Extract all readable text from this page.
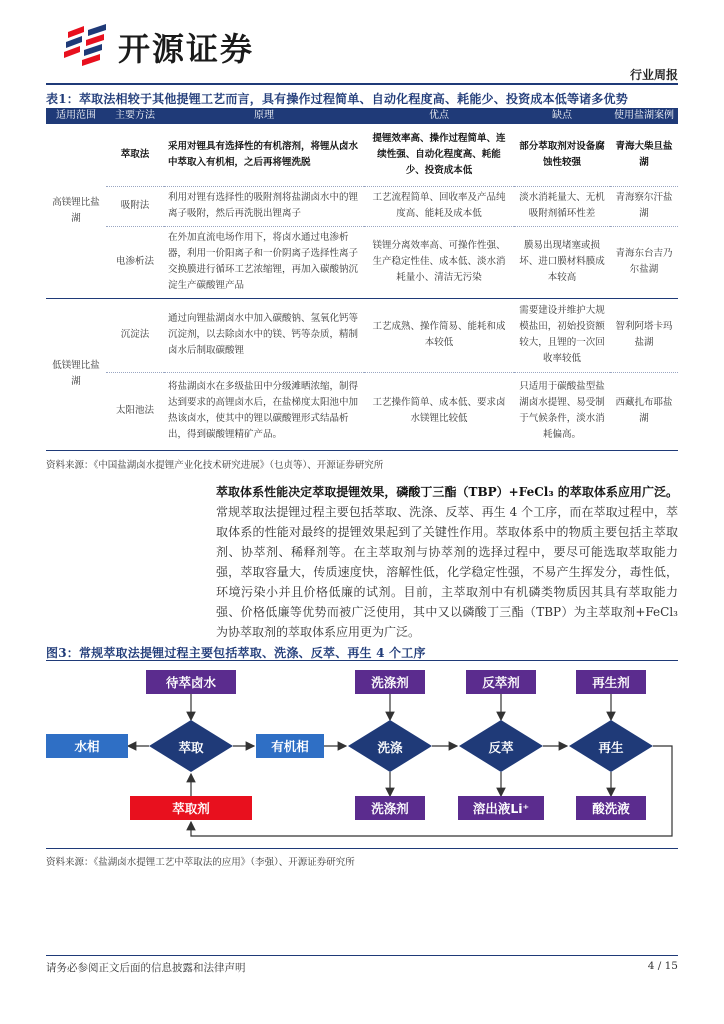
开源证券
行业周报
表1：萃取法相较于其他提锂工艺而言，具有操作过程简单、自动化程度高、耗能少、投资成本低等诸多优势
适用范围	主要方法	原理	优点	缺点	使用盐湖案例
高镁锂比盐湖	萃取法	采用对锂具有选择性的有机溶剂，将锂从卤水中萃取入有机相，之后再将锂洗脱	提锂效率高、操作过程简单、连续性强、自动化程度高、耗能少、投资成本低	部分萃取剂对设备腐蚀性较强	青海大柴旦盐湖
	吸附法	利用对锂有选择性的吸附剂将盐湖卤水中的锂离子吸附，然后再洗脱出锂离子	工艺流程简单、回收率及产品纯度高、能耗及成本低	淡水消耗量大、无机吸附剂循环性差	青海察尔汗盐湖
	电渗析法	在外加直流电场作用下，将卤水通过电渗析器，利用一价阳离子和一价阴离子选择性离子交换膜进行循环工艺浓缩锂，再加入碳酸钠沉淀生产碳酸锂产品	镁锂分离效率高、可操作性强、生产稳定性佳、成本低、淡水消耗量小、清洁无污染	膜易出现堵塞或损坏、进口膜材料膜成本较高	青海东台吉乃尔盐湖
低镁锂比盐湖	沉淀法	通过向锂盐湖卤水中加入碳酸钠、氢氧化钙等沉淀剂，以去除卤水中的镁、钙等杂质，精制卤水后制取碳酸锂	工艺成熟、操作简易、能耗和成本较低	需要建设并维护大规模盐田，初始投资额较大，且锂的一次回收率较低	智利阿塔卡玛盐湖
	太阳池法	将盐湖卤水在多级盐田中分级滩晒浓缩，制得达到要求的高锂卤水后，在盐梯度太阳池中加热该卤水，使其中的锂以碳酸锂形式结晶析出，得到碳酸锂精矿产品。	工艺操作简单、成本低、要求卤水镁锂比较低	只适用于碳酸盐型盐湖卤水提锂、易受制于气候条件，淡水消耗偏高。	西藏扎布耶盐湖
资料来源：《中国盐湖卤水提锂产业化技术研究进展》（乜贞等）、开源证券研究所
萃取体系性能决定萃取提锂效果，磷酸丁三酯（TBP）+FeCl₃ 的萃取体系应用广泛。常规萃取法提锂过程主要包括萃取、洗涤、反萃、再生 4 个工序，而在萃取过程中，萃取体系的性能对最终的提锂效果起到了关键性作用。萃取体系中的物质主要包括主萃取剂、协萃剂、稀释剂等。在主萃取剂与协萃剂的选择过程中，要尽可能选取萃取能力强，萃取容量大，传质速度快，溶解性低，化学稳定性强，不易产生挥发分，毒性低，环境污染小并且价格低廉的试剂。目前，主萃取剂中有机磷类物质因其具有萃取能力强、价格低廉等优势而被广泛使用，其中又以磷酸丁三酯（TBP）为主萃取剂+FeCl₃为协萃取剂的萃取体系应用更为广泛。
图3：常规萃取法提锂过程主要包括萃取、洗涤、反萃、再生 4 个工序
待萃卤水	洗涤剂	反萃剂	再生剂
水相	有机相
萃取	洗涤	反萃	再生
萃取剂	洗涤剂	溶出液Li⁺	酸洗液
资料来源：《盐湖卤水提锂工艺中萃取法的应用》（李强）、开源证券研究所
请务必参阅正文后面的信息披露和法律声明	4 / 15
